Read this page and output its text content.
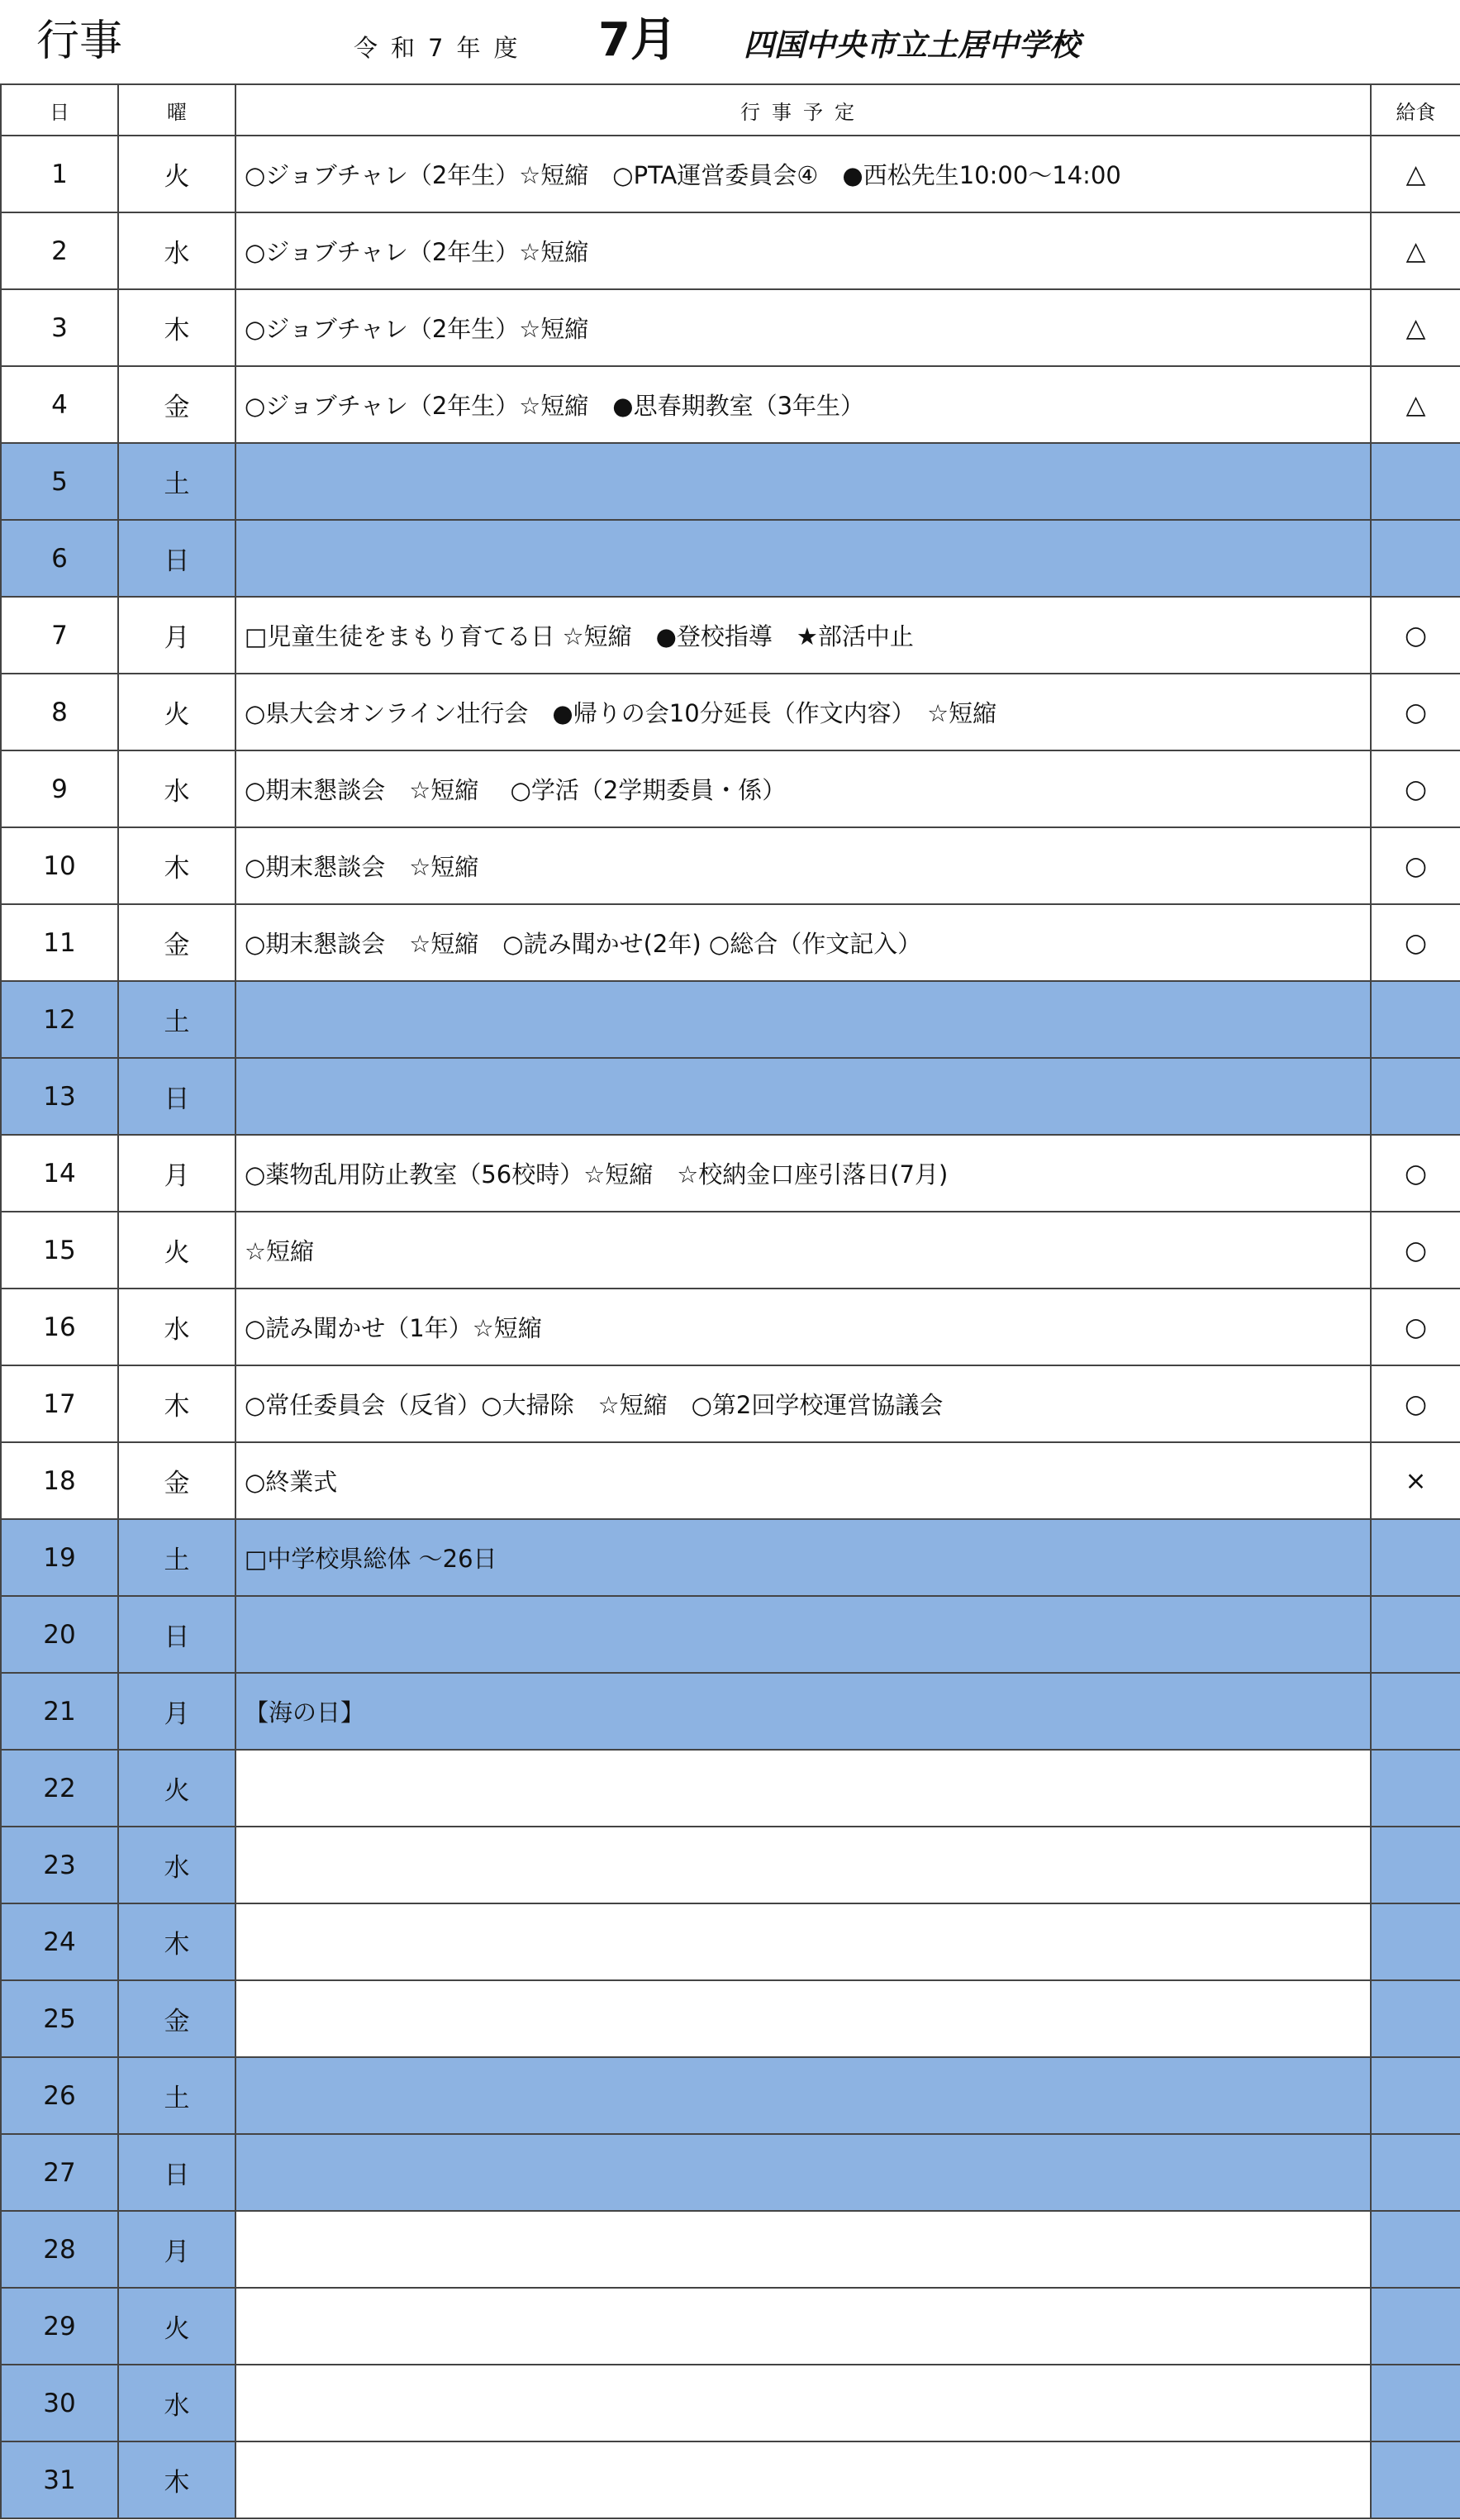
行事	令和7年度 7月 四国中央市立土居中学校
日	曜	行事予定	給食
1	火	○ジョブチャレ（2年生）☆短縮　○PTA運営委員会④　●西松先生10:00～14:00	△
2	水	○ジョブチャレ（2年生）☆短縮	△
3	木	○ジョブチャレ（2年生）☆短縮	△
4	金	○ジョブチャレ（2年生）☆短縮　●思春期教室（3年生）	△
5	土		
6	日		
7	月	□児童生徒をまもり育てる日 ☆短縮　●登校指導　★部活中止	○
8	火	○県大会オンライン壮行会　●帰りの会10分延長（作文内容）　☆短縮	○
9	水	○期末懇談会　☆短縮　 ○学活（2学期委員・係）	○
10	木	○期末懇談会　☆短縮	○
11	金	○期末懇談会　☆短縮　○読み聞かせ(2年) ○総合（作文記入）	○
12	土		
13	日		
14	月	○薬物乱用防止教室（56校時）☆短縮　☆校納金口座引落日(7月)	○
15	火	☆短縮	○
16	水	○読み聞かせ（1年）☆短縮	○
17	木	○常任委員会（反省）○大掃除　☆短縮　○第2回学校運営協議会	○
18	金	○終業式	×
19	土	□中学校県総体 ～26日	
20	日		
21	月	【海の日】	
22	火		
23	水		
24	木		
25	金		
26	土		
27	日		
28	月		
29	火		
30	水		
31	木		
